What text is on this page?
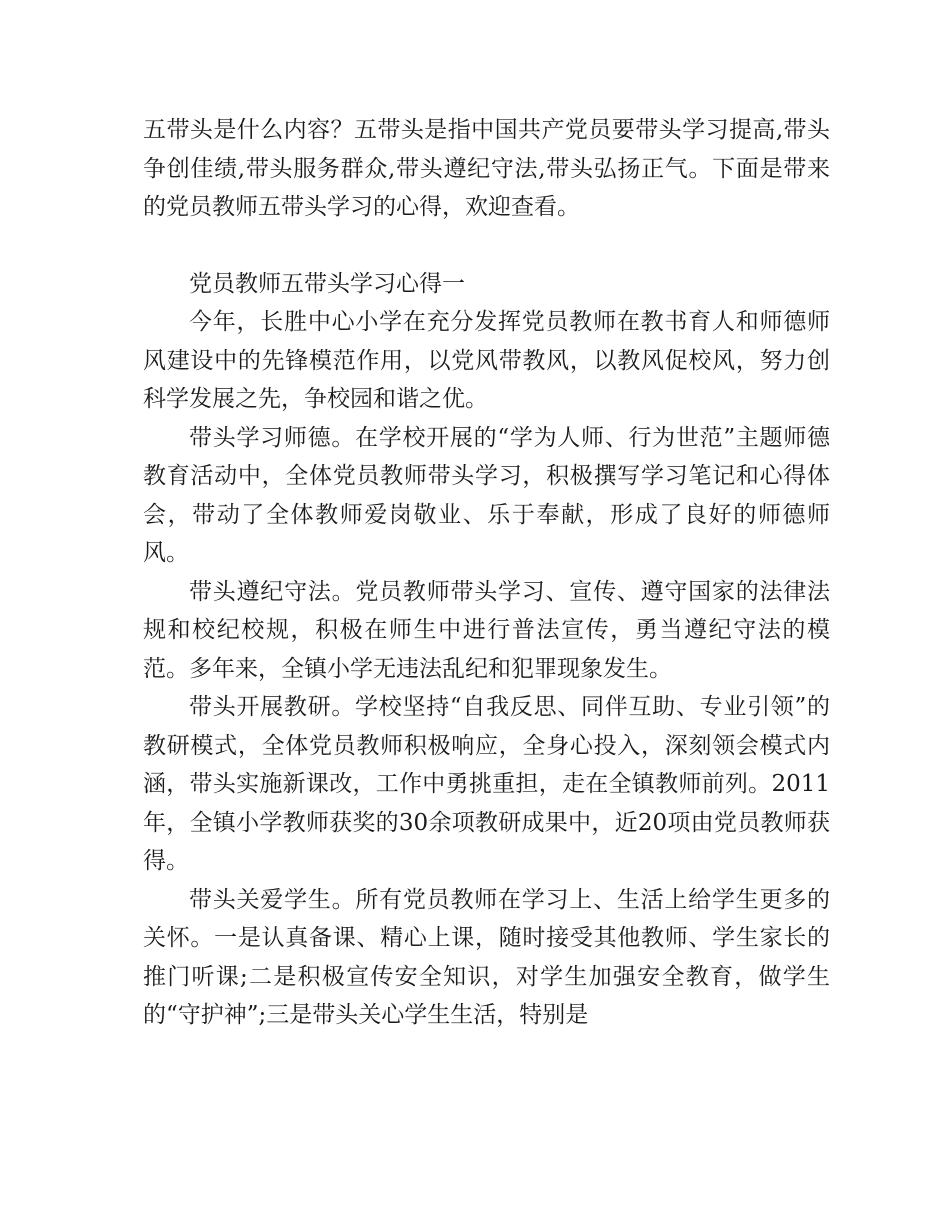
五带头是什么内容？五带头是指中国共产党员要带头学习提高,带头争创佳绩,带头服务群众,带头遵纪守法,带头弘扬正气。下面是带来的党员教师五带头学习的心得，欢迎查看。

党员教师五带头学习心得一

今年，长胜中心小学在充分发挥党员教师在教书育人和师德师风建设中的先锋模范作用，以党风带教风，以教风促校风，努力创科学发展之先，争校园和谐之优。

带头学习师德。在学校开展的“学为人师、行为世范”主题师德教育活动中，全体党员教师带头学习，积极撰写学习笔记和心得体会，带动了全体教师爱岗敬业、乐于奉献，形成了良好的师德师风。

带头遵纪守法。党员教师带头学习、宣传、遵守国家的法律法规和校纪校规，积极在师生中进行普法宣传，勇当遵纪守法的模范。多年来，全镇小学无违法乱纪和犯罪现象发生。

带头开展教研。学校坚持“自我反思、同伴互助、专业引领”的教研模式，全体党员教师积极响应，全身心投入，深刻领会模式内涵，带头实施新课改，工作中勇挑重担，走在全镇教师前列。2011年，全镇小学教师获奖的30余项教研成果中，近20项由党员教师获得。

带头关爱学生。所有党员教师在学习上、生活上给学生更多的关怀。一是认真备课、精心上课，随时接受其他教师、学生家长的推门听课;二是积极宣传安全知识，对学生加强安全教育，做学生的“守护神”;三是带头关心学生生活，特别是
